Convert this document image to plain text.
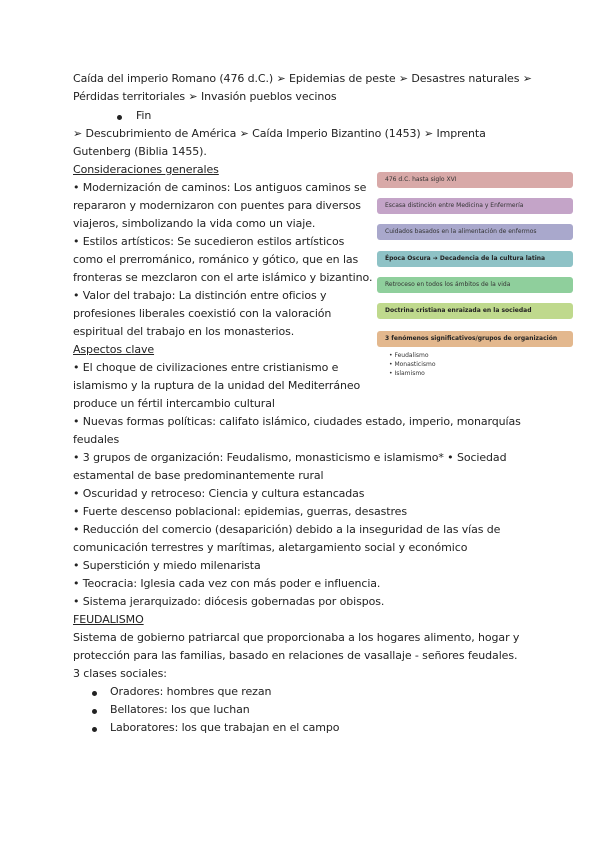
Caída del imperio Romano (476 d.C.) ➢ Epidemias de peste ➢ Desastres naturales ➢
Pérdidas territoriales ➢ Invasión pueblos vecinos
Fin
➢ Descubrimiento de América ➢ Caída Imperio Bizantino (1453) ➢ Imprenta
Gutenberg (Biblia 1455).
Consideraciones generales
• Modernización de caminos: Los antiguos caminos se
repararon y modernizaron con puentes para diversos
viajeros, simbolizando la vida como un viaje.
• Estilos artísticos: Se sucedieron estilos artísticos
como el prerrománico, románico y gótico, que en las
fronteras se mezclaron con el arte islámico y bizantino.
• Valor del trabajo: La distinción entre oficios y
profesiones liberales coexistió con la valoración
espiritual del trabajo en los monasterios.
Aspectos clave
• El choque de civilizaciones entre cristianismo e
islamismo y la ruptura de la unidad del Mediterráneo
produce un fértil intercambio cultural
• Nuevas formas políticas: califato islámico, ciudades estado, imperio, monarquías
feudales
• 3 grupos de organización: Feudalismo, monasticismo e islamismo* • Sociedad
estamental de base predominantemente rural
• Oscuridad y retroceso: Ciencia y cultura estancadas
• Fuerte descenso poblacional: epidemias, guerras, desastres
• Reducción del comercio (desaparición) debido a la inseguridad de las vías de
comunicación terrestres y marítimas, aletargamiento social y económico
• Superstición y miedo milenarista
• Teocracia: Iglesia cada vez con más poder e influencia.
• Sistema jerarquizado: diócesis gobernadas por obispos.
FEUDALISMO
Sistema de gobierno patriarcal que proporcionaba a los hogares alimento, hogar y
protección para las familias, basado en relaciones de vasallaje - señores feudales.
3 clases sociales:
Oradores: hombres que rezan
Bellatores: los que luchan
Laboratores: los que trabajan en el campo
476 d.C. hasta siglo XVI
Escasa distinción entre Medicina y Enfermería
Cuidados basados en la alimentación de enfermos
Época Oscura ➔ Decadencia de la cultura latina
Retroceso en todos los ámbitos de la vida
Doctrina cristiana enraizada en la sociedad
3 fenómenos significativos/grupos de organización
• Feudalismo
• Monasticismo
• Islamismo
